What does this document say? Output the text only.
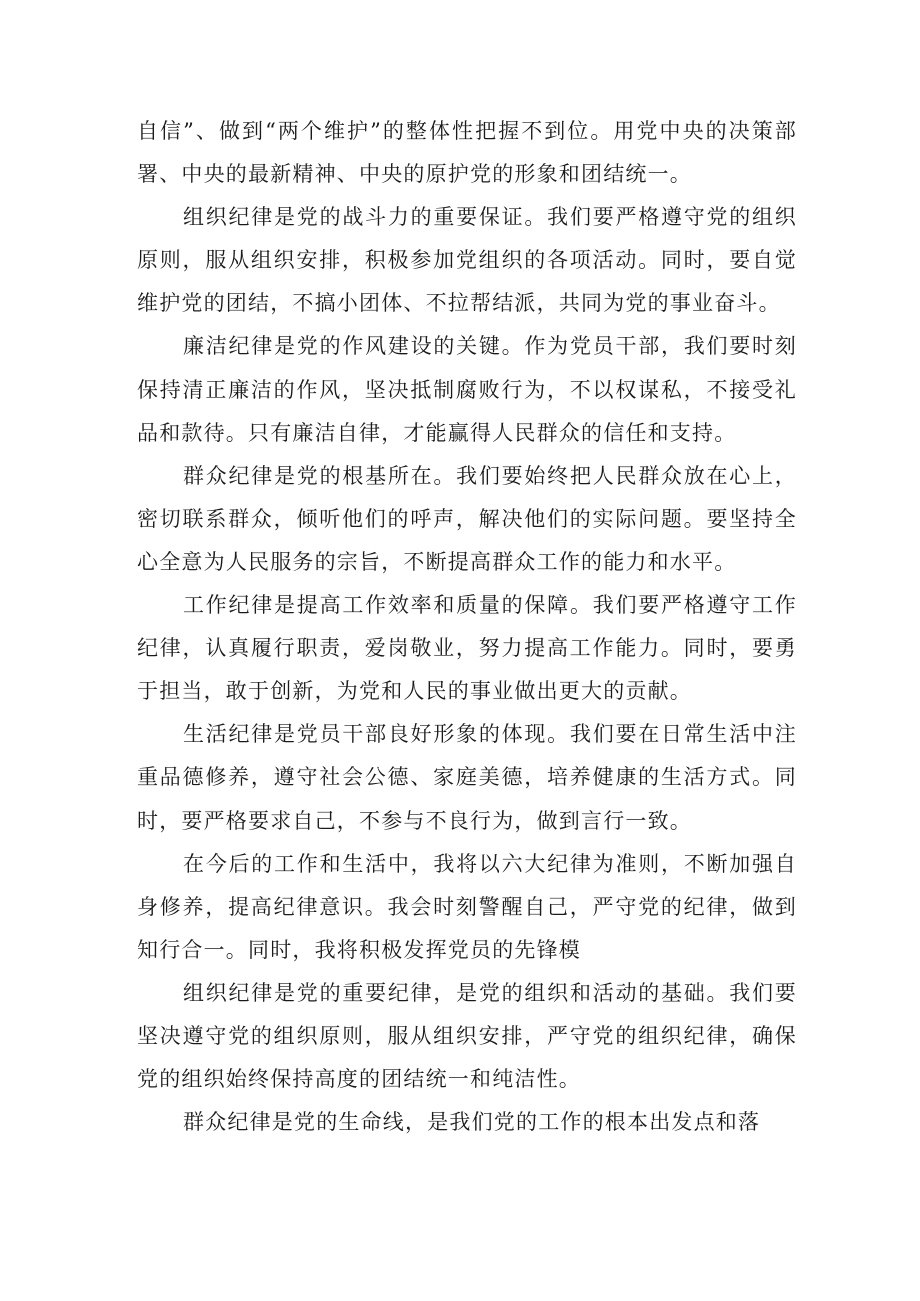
自信”、做到“两个维护”的整体性把握不到位。用党中央的决策部署、中央的最新精神、中央的原护党的形象和团结统一。

组织纪律是党的战斗力的重要保证。我们要严格遵守党的组织原则，服从组织安排，积极参加党组织的各项活动。同时，要自觉维护党的团结，不搞小团体、不拉帮结派，共同为党的事业奋斗。

廉洁纪律是党的作风建设的关键。作为党员干部，我们要时刻保持清正廉洁的作风，坚决抵制腐败行为，不以权谋私，不接受礼品和款待。只有廉洁自律，才能赢得人民群众的信任和支持。

群众纪律是党的根基所在。我们要始终把人民群众放在心上，密切联系群众，倾听他们的呼声，解决他们的实际问题。要坚持全心全意为人民服务的宗旨，不断提高群众工作的能力和水平。

工作纪律是提高工作效率和质量的保障。我们要严格遵守工作纪律，认真履行职责，爱岗敬业，努力提高工作能力。同时，要勇于担当，敢于创新，为党和人民的事业做出更大的贡献。

生活纪律是党员干部良好形象的体现。我们要在日常生活中注重品德修养，遵守社会公德、家庭美德，培养健康的生活方式。同时，要严格要求自己，不参与不良行为，做到言行一致。

在今后的工作和生活中，我将以六大纪律为准则，不断加强自身修养，提高纪律意识。我会时刻警醒自己，严守党的纪律，做到知行合一。同时，我将积极发挥党员的先锋模

组织纪律是党的重要纪律，是党的组织和活动的基础。我们要坚决遵守党的组织原则，服从组织安排，严守党的组织纪律，确保党的组织始终保持高度的团结统一和纯洁性。

群众纪律是党的生命线，是我们党的工作的根本出发点和落
